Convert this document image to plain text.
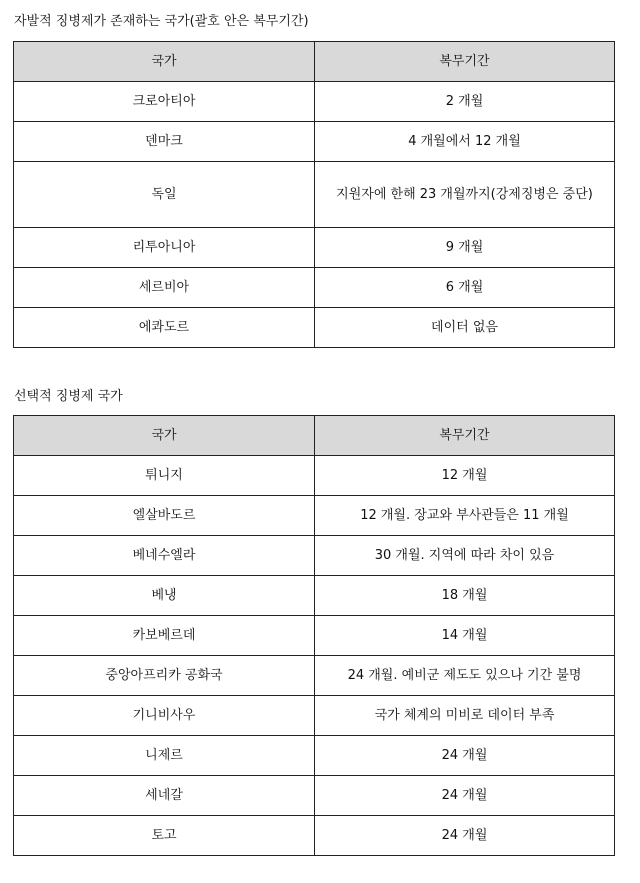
자발적 징병제가 존재하는 국가(괄호 안은 복무기간)
국가	복무기간
크로아티아	2 개월
덴마크	4 개월에서 12 개월
독일	지원자에 한해 23 개월까지(강제징병은 중단)
리투아니아	9 개월
세르비아	6 개월
에콰도르	데이터 없음
선택적 징병제 국가
국가	복무기간
튀니지	12 개월
엘살바도르	12 개월. 장교와 부사관들은 11 개월
베네수엘라	30 개월. 지역에 따라 차이 있음
베냉	18 개월
카보베르데	14 개월
중앙아프리카 공화국	24 개월. 예비군 제도도 있으나 기간 불명
기니비사우	국가 체계의 미비로 데이터 부족
니제르	24 개월
세네갈	24 개월
토고	24 개월
